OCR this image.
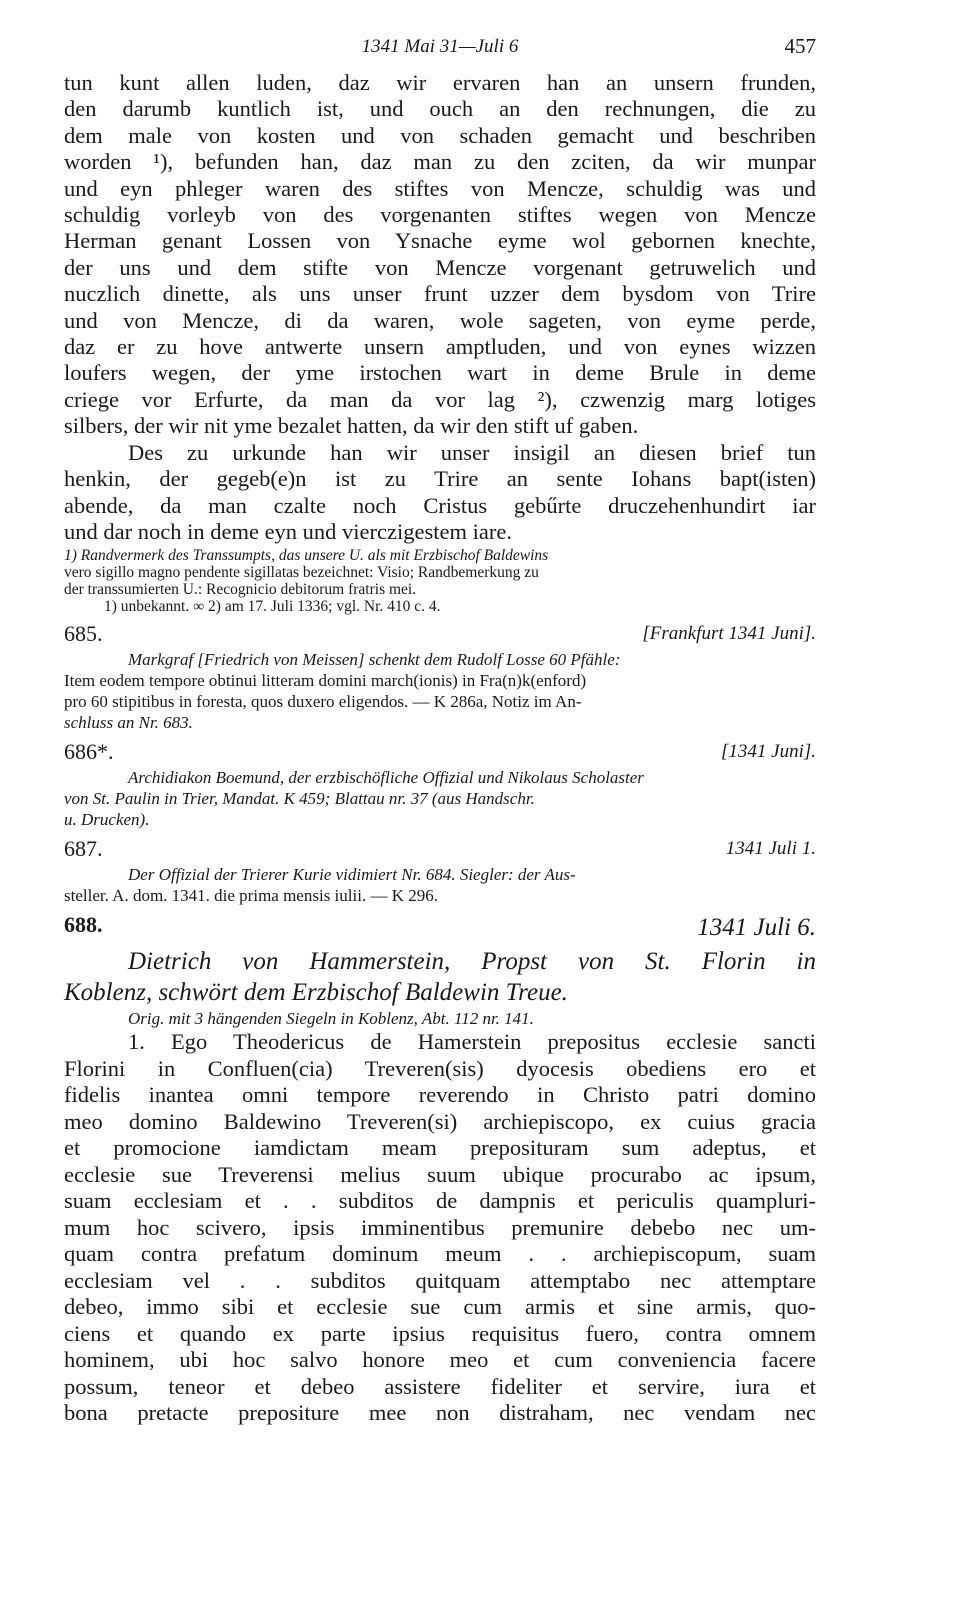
1341 Mai 31—Juli 6	457
tun kunt allen luden, daz wir ervaren han an unsern frunden,
den darumb kuntlich ist, und ouch an den rechnungen, die zu
dem male von kosten und von schaden gemacht und beschriben
worden ¹), befunden han, daz man zu den zciten, da wir munpar
und eyn phleger waren des stiftes von Mencze, schuldig was und
schuldig vorleyb von des vorgenanten stiftes wegen von Mencze
Herman genant Lossen von Ysnache eyme wol gebornen knechte,
der uns und dem stifte von Mencze vorgenant getruwelich und
nuczlich dinette, als uns unser frunt uzzer dem bysdom von Trire
und von Mencze, di da waren, wole sageten, von eyme perde,
daz er zu hove antwerte unsern amptluden, und von eynes wizzen
loufers wegen, der yme irstochen wart in deme Brule in deme
criege vor Erfurte, da man da vor lag ²), czwenzig marg lotiges
silbers, der wir nit yme bezalet hatten, da wir den stift uf gaben.
Des zu urkunde han wir unser insigil an diesen brief tun
henkin, der gegeb(e)n ist zu Trire an sente Iohans bapt(isten)
abende, da man czalte noch Cristus gebűrte druczehenhundirt iar
und dar noch in deme eyn und vierczigestem iare.
1) Randvermerk des Transsumpts, das unsere U. als mit Erzbischof Baldewins
vero sigillo magno pendente sigillatas bezeichnet: Visio; Randbemerkung zu
der transsumierten U.: Recognicio debitorum fratris mei.
1) unbekannt. ∞ 2) am 17. Juli 1336; vgl. Nr. 410 c. 4.
685.	[Frankfurt 1341 Juni].
Markgraf [Friedrich von Meissen] schenkt dem Rudolf Losse 60 Pfähle:
Item eodem tempore obtinui litteram domini march(ionis) in Fra(n)k(enford)
pro 60 stipitibus in foresta, quos duxero eligendos. — K 286a, Notiz im An-
schluss an Nr. 683.
686*.	[1341 Juni].
Archidiakon Boemund, der erzbischöfliche Offizial und Nikolaus Scholaster
von St. Paulin in Trier, Mandat. K 459; Blattau nr. 37 (aus Handschr.
u. Drucken).
687.	1341 Juli 1.
Der Offizial der Trierer Kurie vidimiert Nr. 684. Siegler: der Aus-
steller. A. dom. 1341. die prima mensis iulii. — K 296.
688.	1341 Juli 6.
Dietrich von Hammerstein, Propst von St. Florin in
Koblenz, schwört dem Erzbischof Baldewin Treue.
Orig. mit 3 hängenden Siegeln in Koblenz, Abt. 112 nr. 141.
1. Ego Theodericus de Hamerstein prepositus ecclesie sancti
Florini in Confluen(cia) Treveren(sis) dyocesis obediens ero et
fidelis inantea omni tempore reverendo in Christo patri domino
meo domino Baldewino Treveren(si) archiepiscopo, ex cuius gracia
et promocione iamdictam meam preposituram sum adeptus, et
ecclesie sue Treverensi melius suum ubique procurabo ac ipsum,
suam ecclesiam et . . subditos de dampnis et periculis quamplurі-
mum hoc scivero, ipsis imminentibus premunire debebo nec um-
quam contra prefatum dominum meum . . archiepiscopum, suam
ecclesiam vel . . subditos quitquam attemptabo nec attemptare
debeo, immo sibi et ecclesie sue cum armis et sine armis, quo-
ciens et quando ex parte ipsius requisitus fuero, contra omnem
hominem, ubi hoc salvo honore meo et cum conveniencia facere
possum, teneor et debeo assistere fideliter et servire, iura et
bona pretacte prepositure mee non distraham, nec vendam nec
